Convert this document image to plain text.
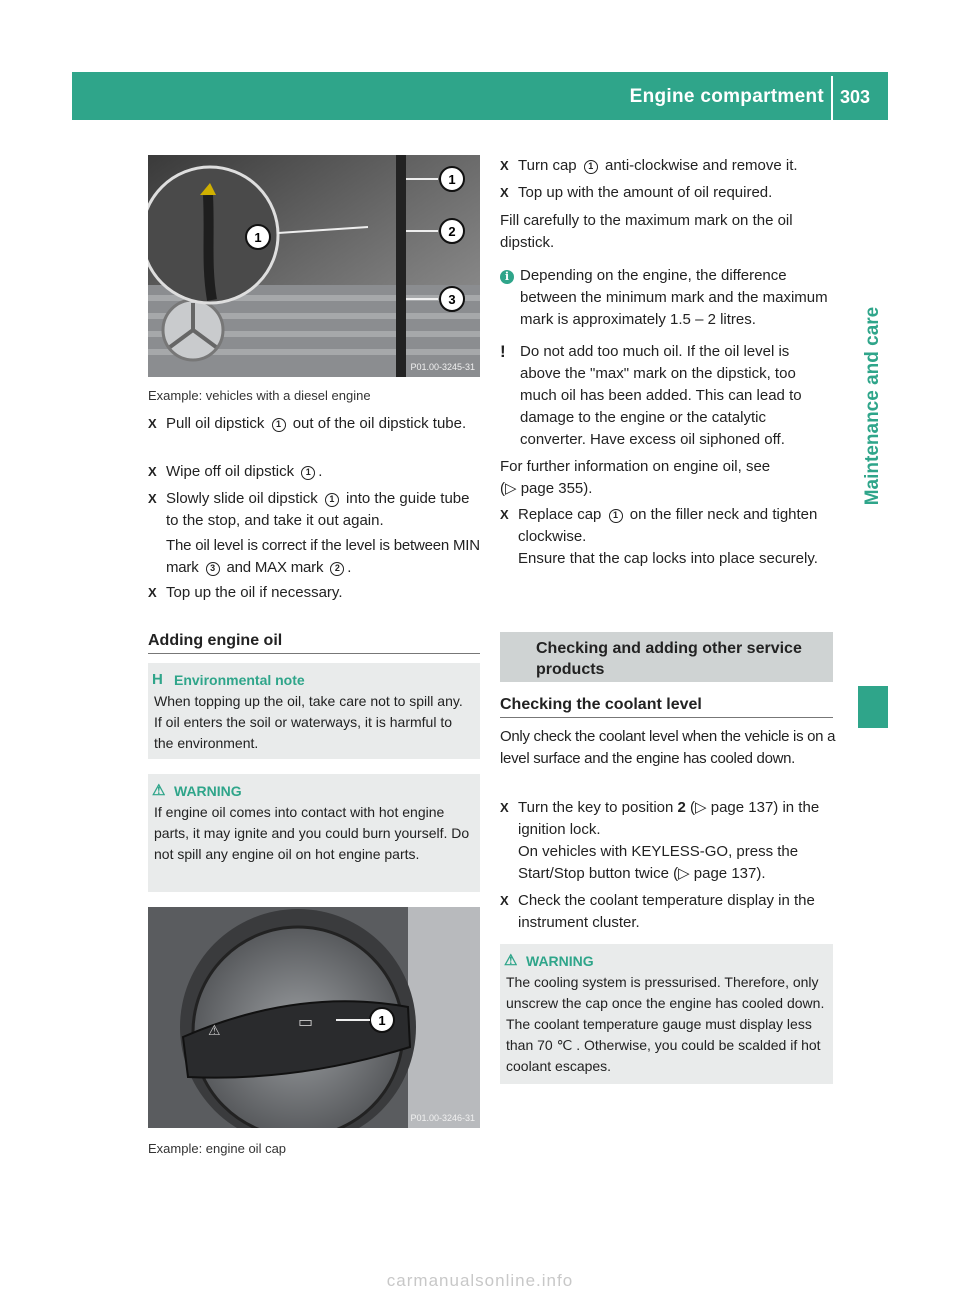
Engine compartment 303
Maintenance and care
1
1
2
3
P01.00-3245-31
Example: vehicles with a diesel engine
X Pull oil dipstick 1 out of the oil dipstick tube.
X Wipe off oil dipstick 1 .
X Slowly slide oil dipstick 1 into the guide tube to the stop, and take it out again.
The oil level is correct if the level is between MIN mark 3 and MAX mark 2 .
X Top up the oil if necessary.
Adding engine oil
H Environmental note
When topping up the oil, take care not to spill any. If oil enters the soil or waterways, it is harmful to the environment.
⚠ WARNING
If engine oil comes into contact with hot engine parts, it may ignite and you could burn yourself. Do not spill any engine oil on hot engine parts.
⚠	▭	1
P01.00-3246-31
Example: engine oil cap
X Turn cap 1 anti-clockwise and remove it.
X Top up with the amount of oil required.
Fill carefully to the maximum mark on the oil dipstick.
i Depending on the engine, the difference between the minimum mark and the maximum mark is approximately 1.5 – 2 litres.
! Do not add too much oil. If the oil level is above the "max" mark on the dipstick, too much oil has been added. This can lead to damage to the engine or the catalytic converter. Have excess oil siphoned off.
For further information on engine oil, see
(▷ page 355).
X Replace cap 1 on the filler neck and tighten clockwise.
Ensure that the cap locks into place securely.
Checking and adding other service products
Checking the coolant level
Only check the coolant level when the vehicle is on a level surface and the engine has cooled down.
X Turn the key to position 2 (▷ page 137) in the ignition lock.
On vehicles with KEYLESS-GO, press the Start/Stop button twice (▷ page 137).
X Check the coolant temperature display in the instrument cluster.
⚠ WARNING
The cooling system is pressurised. Therefore, only unscrew the cap once the engine has cooled down. The coolant temperature gauge must display less than 70 ℃ . Otherwise, you could be scalded if hot coolant escapes.
carmanualsonline.info
